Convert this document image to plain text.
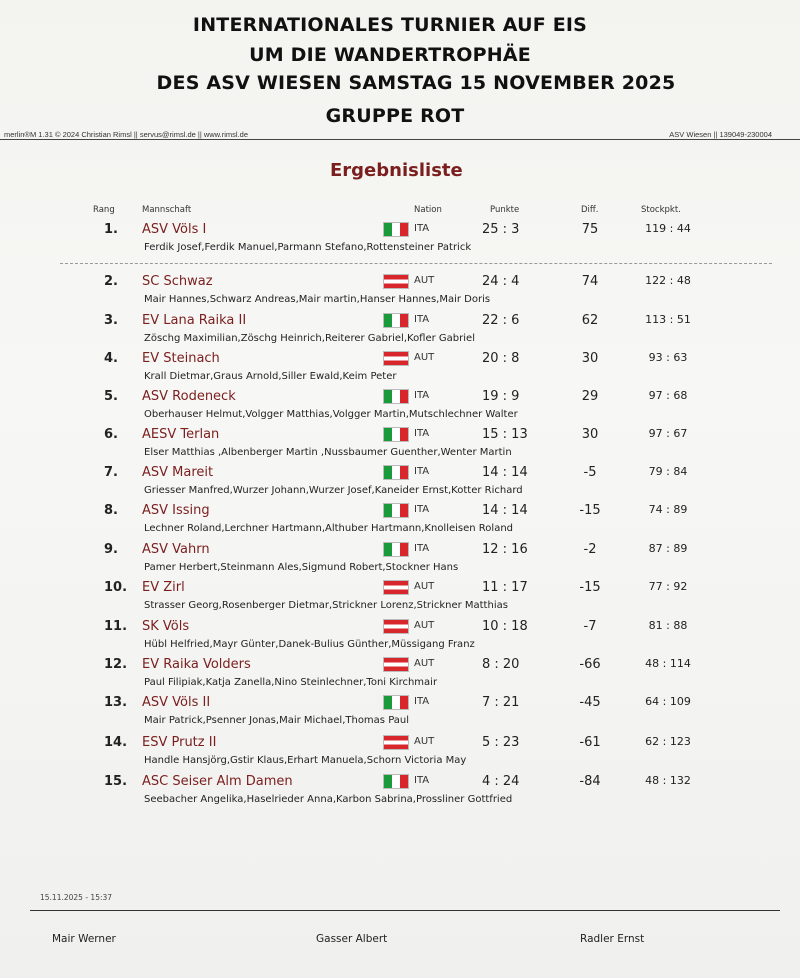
INTERNATIONALES TURNIER AUF EIS
UM DIE WANDERTROPHÄE
DES ASV WIESEN SAMSTAG 15 NOVEMBER 2025
GRUPPE ROT
merlin®M 1.31 © 2024 Christian Rimsl || servus@rimsl.de || www.rimsl.de	ASV Wiesen || 139049-230004
Ergebnisliste
Rang	Mannschaft	Nation	Punkte	Diff.	Stockpkt.
1. ASV Völs I	ITA	25 : 3	75	119 : 44
Ferdik Josef,Ferdik Manuel,Parmann Stefano,Rottensteiner Patrick
2. SC Schwaz	AUT	24 : 4	74	122 : 48
Mair Hannes,Schwarz Andreas,Mair martin,Hanser Hannes,Mair Doris
3. EV Lana Raika II	ITA	22 : 6	62	113 : 51
Zöschg Maximilian,Zöschg Heinrich,Reiterer Gabriel,Kofler Gabriel
4. EV Steinach	AUT	20 : 8	30	93 : 63
Krall Dietmar,Graus Arnold,Siller Ewald,Keim Peter
5. ASV Rodeneck	ITA	19 : 9	29	97 : 68
Oberhauser Helmut,Volgger Matthias,Volgger Martin,Mutschlechner Walter
6. AESV Terlan	ITA	15 : 13	30	97 : 67
Elser Matthias ,Albenberger Martin ,Nussbaumer Guenther,Wenter Martin
7. ASV Mareit	ITA	14 : 14	-5	79 : 84
Griesser Manfred,Wurzer Johann,Wurzer Josef,Kaneider Ernst,Kotter Richard
8. ASV Issing	ITA	14 : 14	-15	74 : 89
Lechner Roland,Lerchner Hartmann,Althuber Hartmann,Knolleisen Roland
9. ASV Vahrn	ITA	12 : 16	-2	87 : 89
Pamer Herbert,Steinmann Ales,Sigmund Robert,Stockner Hans
10. EV Zirl	AUT	11 : 17	-15	77 : 92
Strasser Georg,Rosenberger Dietmar,Strickner Lorenz,Strickner Matthias
11. SK Völs	AUT	10 : 18	-7	81 : 88
Hübl Helfried,Mayr Günter,Danek-Bulius Günther,Müssigang Franz
12. EV Raika Volders	AUT	8 : 20	-66	48 : 114
Paul Filipiak,Katja Zanella,Nino Steinlechner,Toni Kirchmair
13. ASV Völs II	ITA	7 : 21	-45	64 : 109
Mair Patrick,Psenner Jonas,Mair Michael,Thomas Paul
14. ESV Prutz II	AUT	5 : 23	-61	62 : 123
Handle Hansjörg,Gstir Klaus,Erhart Manuela,Schorn Victoria May
15. ASC Seiser Alm Damen	ITA	4 : 24	-84	48 : 132
Seebacher Angelika,Haselrieder Anna,Karbon Sabrina,Prossliner Gottfried
15.11.2025 - 15:37
Mair Werner	Gasser Albert	Radler Ernst
